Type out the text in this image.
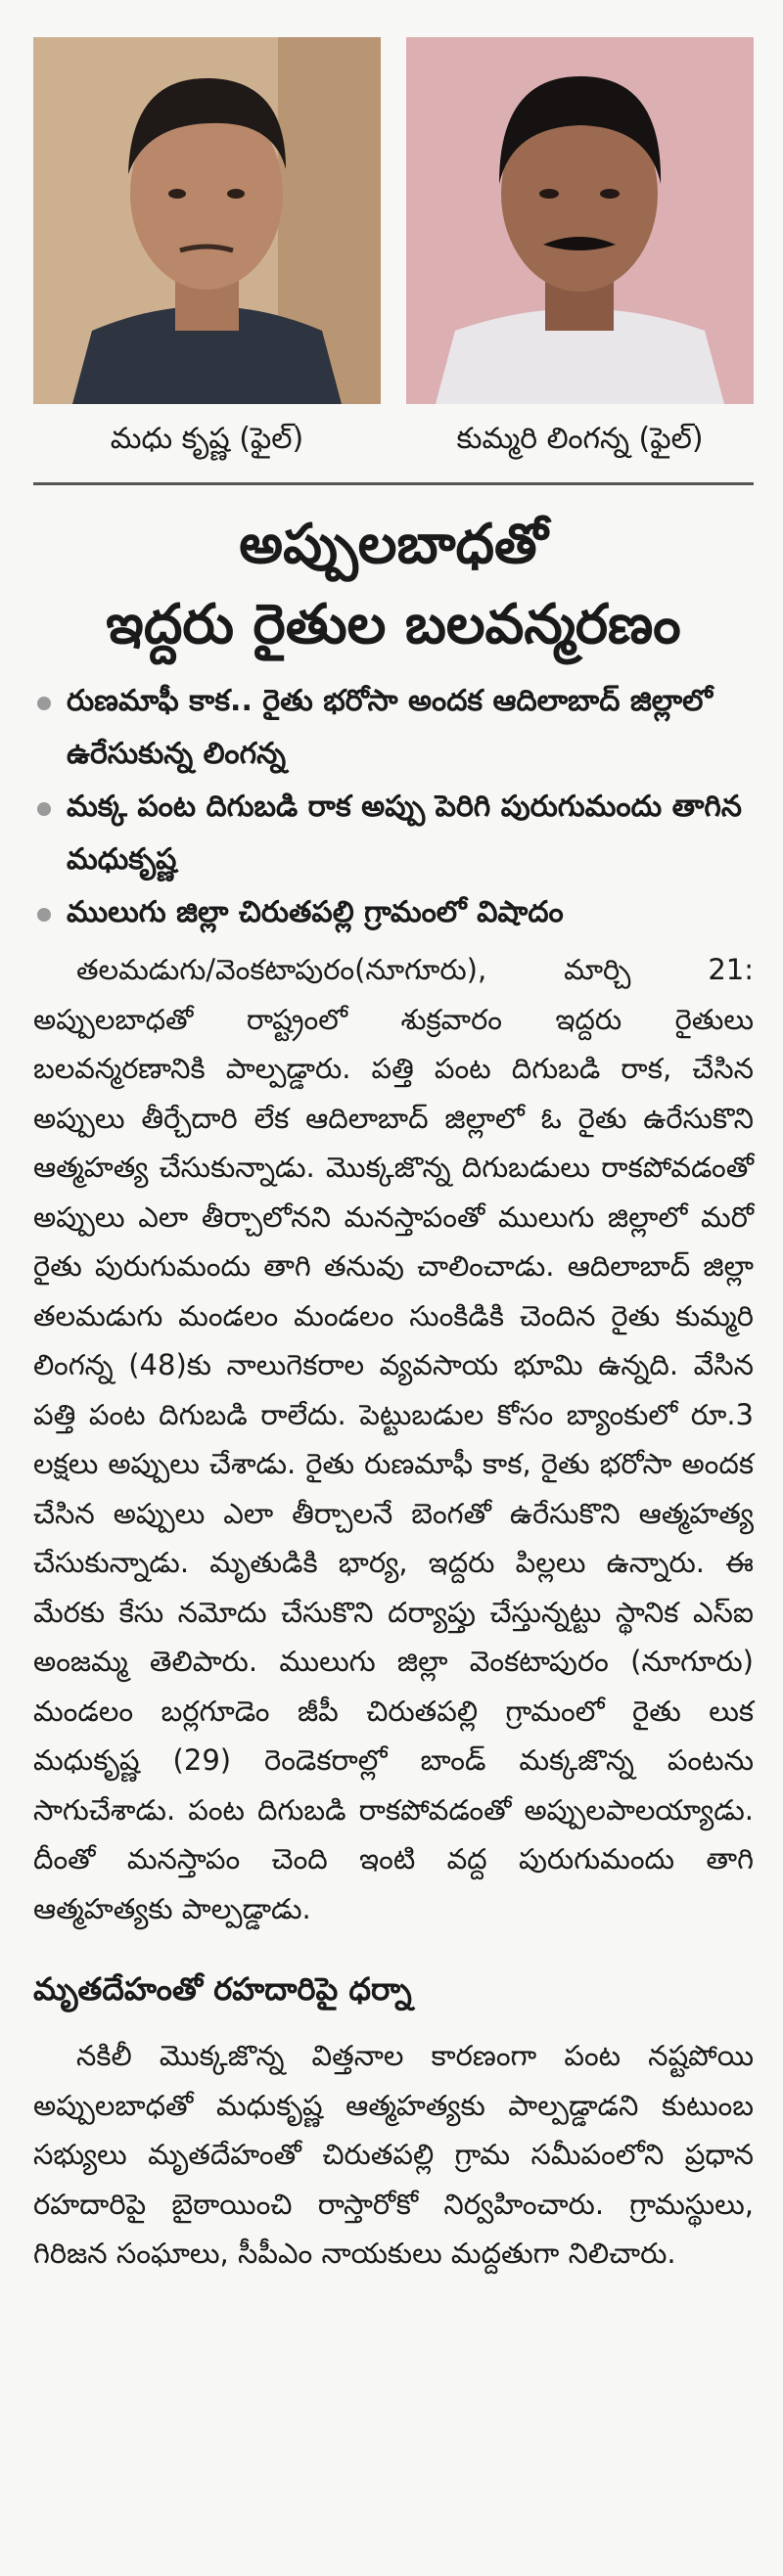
మధు కృష్ణ (ఫైల్)	కుమ్మరి లింగన్న (ఫైల్)
అప్పులబాధతో
ఇద్దరు రైతుల బలవన్మరణం
రుణమాఫీ కాక.. రైతు భరోసా అందక ఆదిలాబాద్ జిల్లాలో ఉరేసుకున్న లింగన్న
మక్క పంట దిగుబడి రాక అప్పు పెరిగి పురుగుమందు తాగిన మధుకృష్ణ
ములుగు జిల్లా చిరుతపల్లి గ్రామంలో విషాదం

తలమడుగు/వెంకటాపురం(నూగూరు), మార్చి 21: అప్పులబాధతో రాష్ట్రంలో శుక్రవారం ఇద్దరు రైతులు బలవన్మరణానికి పాల్పడ్డారు. పత్తి పంట దిగుబడి రాక, చేసిన అప్పులు తీర్చేదారి లేక ఆదిలాబాద్ జిల్లాలో ఓ రైతు ఉరేసుకొని ఆత్మహత్య చేసుకున్నాడు. మొక్కజొన్న దిగుబడులు రాకపోవడంతో అప్పులు ఎలా తీర్చాలోనని మనస్తాపంతో ములుగు జిల్లాలో మరో రైతు పురుగుమందు తాగి తనువు చాలించాడు. ఆదిలాబాద్ జిల్లా తలమడుగు మండలం మండలం సుంకిడికి చెందిన రైతు కుమ్మరి లింగన్న (48)కు నాలుగెకరాల వ్యవసాయ భూమి ఉన్నది. వేసిన పత్తి పంట దిగుబడి రాలేదు. పెట్టుబడుల కోసం బ్యాంకులో రూ.3 లక్షలు అప్పులు చేశాడు. రైతు రుణమాఫీ కాక, రైతు భరోసా అందక చేసిన అప్పులు ఎలా తీర్చాలనే బెంగతో ఉరేసుకొని ఆత్మహత్య చేసుకున్నాడు. మృతుడికి భార్య, ఇద్దరు పిల్లలు ఉన్నారు. ఈ మేరకు కేసు నమోదు చేసుకొని దర్యాప్తు చేస్తున్నట్టు స్థానిక ఎస్ఐ అంజమ్మ తెలిపారు. ములుగు జిల్లా వెంకటాపురం (నూగూరు) మండలం బర్లగూడెం జీపీ చిరుతపల్లి గ్రామంలో రైతు లుక మధుకృష్ణ (29) రెండెకరాల్లో బాండ్ మక్కజొన్న పంటను సాగుచేశాడు. పంట దిగుబడి రాకపోవడంతో అప్పులపాలయ్యాడు. దీంతో మనస్తాపం చెంది ఇంటి వద్ద పురుగుమందు తాగి ఆత్మహత్యకు పాల్పడ్డాడు.

మృతదేహంతో రహదారిపై ధర్నా

నకిలీ మొక్కజొన్న విత్తనాల కారణంగా పంట నష్టపోయి అప్పులబాధతో మధుకృష్ణ ఆత్మహత్యకు పాల్పడ్డాడని కుటుంబ సభ్యులు మృతదేహంతో చిరుతపల్లి గ్రామ సమీపంలోని ప్రధాన రహదారిపై బైఠాయించి రాస్తారోకో నిర్వహించారు. గ్రామస్థులు, గిరిజన సంఘాలు, సీపీఎం నాయకులు మద్దతుగా నిలిచారు.
